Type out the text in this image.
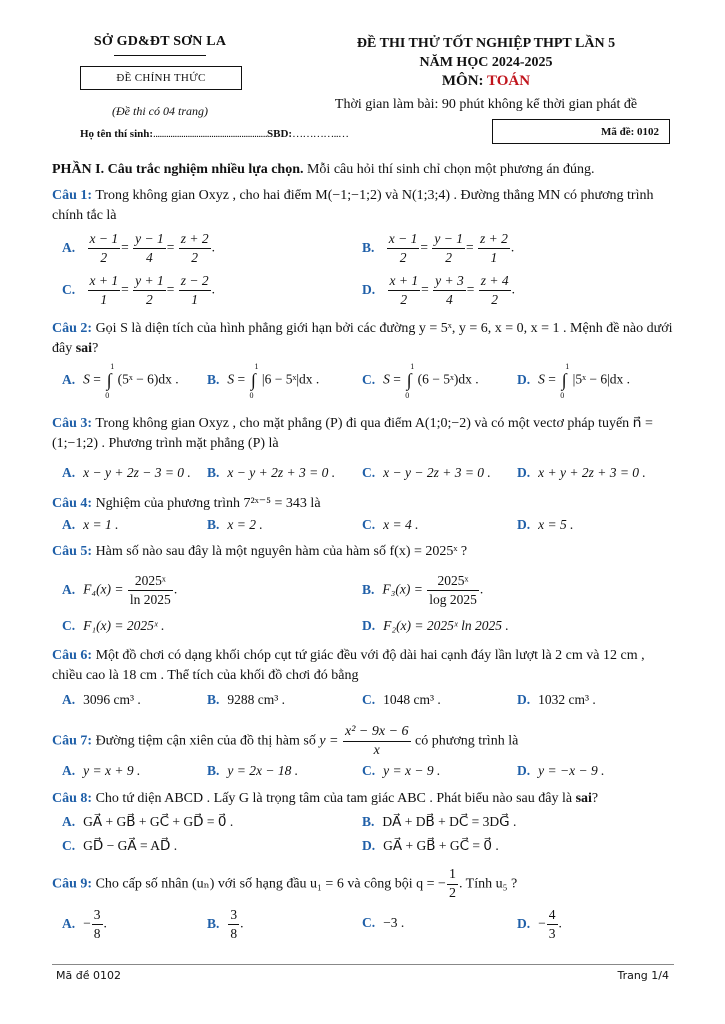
SỞ GD&ĐT SƠN LA
ĐỀ CHÍNH THỨC
(Đề thi có 04 trang)
ĐỀ THI THỬ TỐT NGHIỆP THPT LẦN 5
NĂM HỌC 2024-2025
MÔN: TOÁN
Thời gian làm bài: 90 phút không kể thời gian phát đề
Họ tên thí sinh:.....................................................SBD:…………..…	Mã đề: 0102
PHẦN I. Câu trắc nghiệm nhiều lựa chọn. Mỗi câu hỏi thí sinh chỉ chọn một phương án đúng.
Câu 1: Trong không gian Oxyz , cho hai điểm M(−1;−1;2) và N(1;3;4) . Đường thẳng MN có phương trình chính tắc là
A. $\frac{x - 1}{2} = \frac{y - 1}{4} = \frac{z + 2}{2}$ .	B. $\frac{x - 1}{2} = \frac{y - 1}{2} = \frac{z + 2}{1}$ .
C. $\frac{x + 1}{1} = \frac{y + 1}{2} = \frac{z - 2}{1}$ .	D. $\frac{x + 1}{2} = \frac{y + 3}{4} = \frac{z + 4}{2}$ .
Câu 2: Gọi S là diện tích của hình phẳng giới hạn bởi các đường y = 5ˣ, y = 6, x = 0, x = 1 . Mệnh đề nào dưới đây sai?
A. S = ∫
1
0
(5ˣ − 6)dx . B. S = ∫
1
0
|6 − 5ˣ|dx .	C. S = ∫
1
0
(6 − 5ˣ)dx .	D. S = ∫
1
0
|5ˣ − 6|dx .
Câu 3: Trong không gian Oxyz , cho mặt phẳng (P) đi qua điểm A(1;0;−2) và có một vectơ pháp tuyến n⃗ = (1;−1;2) . Phương trình mặt phẳng (P) là
A. x − y + 2z − 3 = 0 . B. x − y + 2z + 3 = 0 . C. x − y − 2z + 3 = 0 . D. x + y + 2z + 3 = 0 .
Câu 4: Nghiệm của phương trình 7²ˣ⁻⁵ = 343 là
A. x = 1 .	B. x = 2 .	C. x = 4 .	D. x = 5 .
Câu 5: Hàm số nào sau đây là một nguyên hàm của hàm số f(x) = 2025ˣ ?
A. $F_4(x) = \frac{\text{2025ˣ}}{\ln 2025}$ .	B. $F_3(x) = \frac{\text{2025ˣ}}{\log 2025}$ .
C. F₁(x) = 2025ˣ .	D. F₂(x) = 2025ˣ ln 2025 .
Câu 6: Một đồ chơi có dạng khối chóp cụt tứ giác đều với độ dài hai cạnh đáy lần lượt là 2 cm và 12 cm , chiều cao là 18 cm . Thể tích của khối đồ chơi đó bằng
A. 3096 cm³ .	B. 9288 cm³ .	C. 1048 cm³ .	D. 1032 cm³ .
Câu 7: Đường tiệm cận xiên của đồ thị hàm số $y = \frac{\text{x² − 9x − 6}}{x}$ có phương trình là
A. y = x + 9 .	B. y = 2x − 18 .	C. y = x − 9 .	D. y = −x − 9 .
Câu 8: Cho tứ diện ABCD . Lấy G là trọng tâm của tam giác ABC . Phát biểu nào sau đây là sai?
A. GA⃗ + GB⃗ + GC⃗ + GD⃗ = 0⃗ .	B. DA⃗ + DB⃗ + DC⃗ = 3DG⃗ .
C. GD⃗ − GA⃗ = AD⃗ .	D. GA⃗ + GB⃗ + GC⃗ = 0⃗ .
Câu 9: Cho cấp số nhân (uₙ) với số hạng đầu u₁ = 6 và công bội q = − $\frac{1}{2}$ . Tính u₅ ?
A. − $\frac{3}{8}$ .	B. $\frac{3}{8}$ .	C. −3 .	D. − $\frac{4}{3}$ .
Mã đề 0102	Trang 1/4
